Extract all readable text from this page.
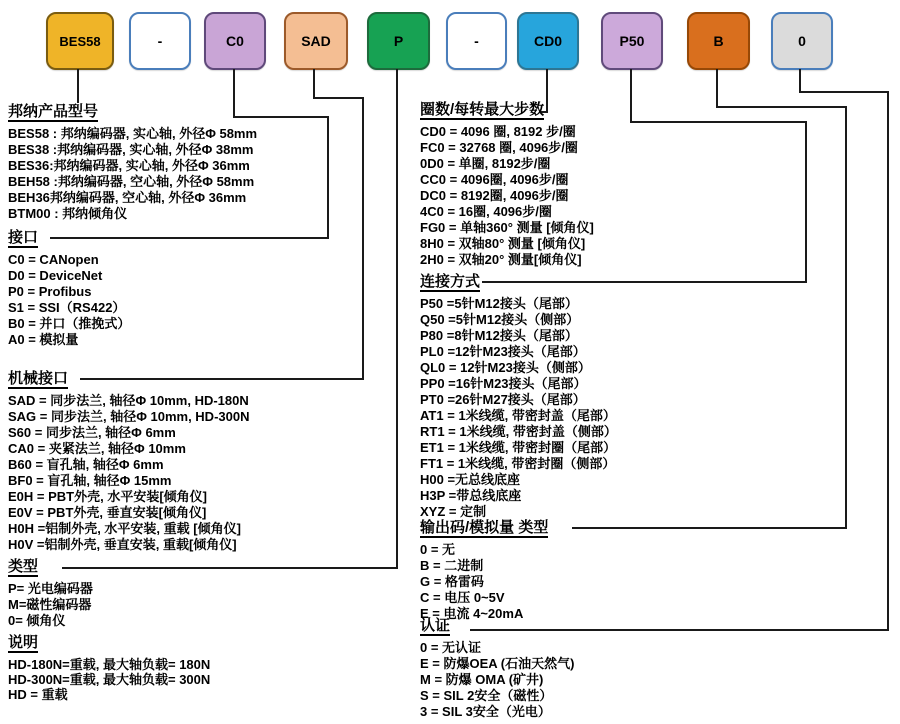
BES58	-	C0	SAD	P	-	CD0	P50	B	0
邦纳产品型号
BES58 : 邦纳编码器, 实心轴, 外径Φ 58mm
BES38 :邦纳编码器, 实心轴, 外径Φ 38mm
BES36:邦纳编码器, 实心轴, 外径Φ 36mm
BEH58 :邦纳编码器, 空心轴, 外径Φ 58mm
BEH36邦纳编码器, 空心轴, 外径Φ 36mm
BTM00 : 邦纳倾角仪
接口
C0 = CANopen
D0 = DeviceNet
P0 = Profibus
S1 = SSI（RS422）
B0 = 并口（推挽式）
A0 = 模拟量
机械接口
SAD = 同步法兰, 轴径Φ 10mm, HD-180N
SAG = 同步法兰, 轴径Φ 10mm, HD-300N
S60 = 同步法兰, 轴径Φ 6mm
CA0 = 夹紧法兰, 轴径Φ 10mm
B60 = 盲孔轴, 轴径Φ 6mm
BF0 = 盲孔轴, 轴径Φ 15mm
E0H = PBT外壳, 水平安装[倾角仪]
E0V = PBT外壳, 垂直安装[倾角仪]
H0H =铝制外壳, 水平安装, 重载 [倾角仪]
H0V =铝制外壳, 垂直安装, 重载[倾角仪]
类型
P= 光电编码器
M=磁性编码器
0= 倾角仪
说明
HD-180N=重载, 最大轴负载= 180N
HD-300N=重载, 最大轴负载= 300N
HD = 重载
圈数/每转最大步数
CD0 = 4096 圈, 8192 步/圈
FC0 = 32768 圈, 4096步/圈
0D0 = 单圈, 8192步/圈
CC0 = 4096圈, 4096步/圈
DC0 = 8192圈, 4096步/圈
4C0 = 16圈, 4096步/圈
FG0 = 单轴360° 测量 [倾角仪]
8H0 = 双轴80° 测量 [倾角仪]
2H0 = 双轴20° 测量[倾角仪]
连接方式
P50 =5针M12接头（尾部）
Q50 =5针M12接头（侧部）
P80 =8针M12接头（尾部）
PL0 =12针M23接头（尾部）
QL0 = 12针M23接头（侧部）
PP0 =16针M23接头（尾部）
PT0 =26针M27接头（尾部）
AT1 = 1米线缆, 带密封盖（尾部）
RT1 = 1米线缆, 带密封盖（侧部）
ET1 = 1米线缆, 带密封圈（尾部）
FT1 = 1米线缆, 带密封圈（侧部）
H00 =无总线底座
H3P =带总线底座
XYZ = 定制
输出码/模拟量 类型
0 = 无
B = 二进制
G = 格雷码
C = 电压 0~5V
E = 电流 4~20mA
认证
0 = 无认证
E = 防爆OEA (石油天然气)
M = 防爆 OMA (矿井)
S = SIL 2安全（磁性）
3 = SIL 3安全（光电）
